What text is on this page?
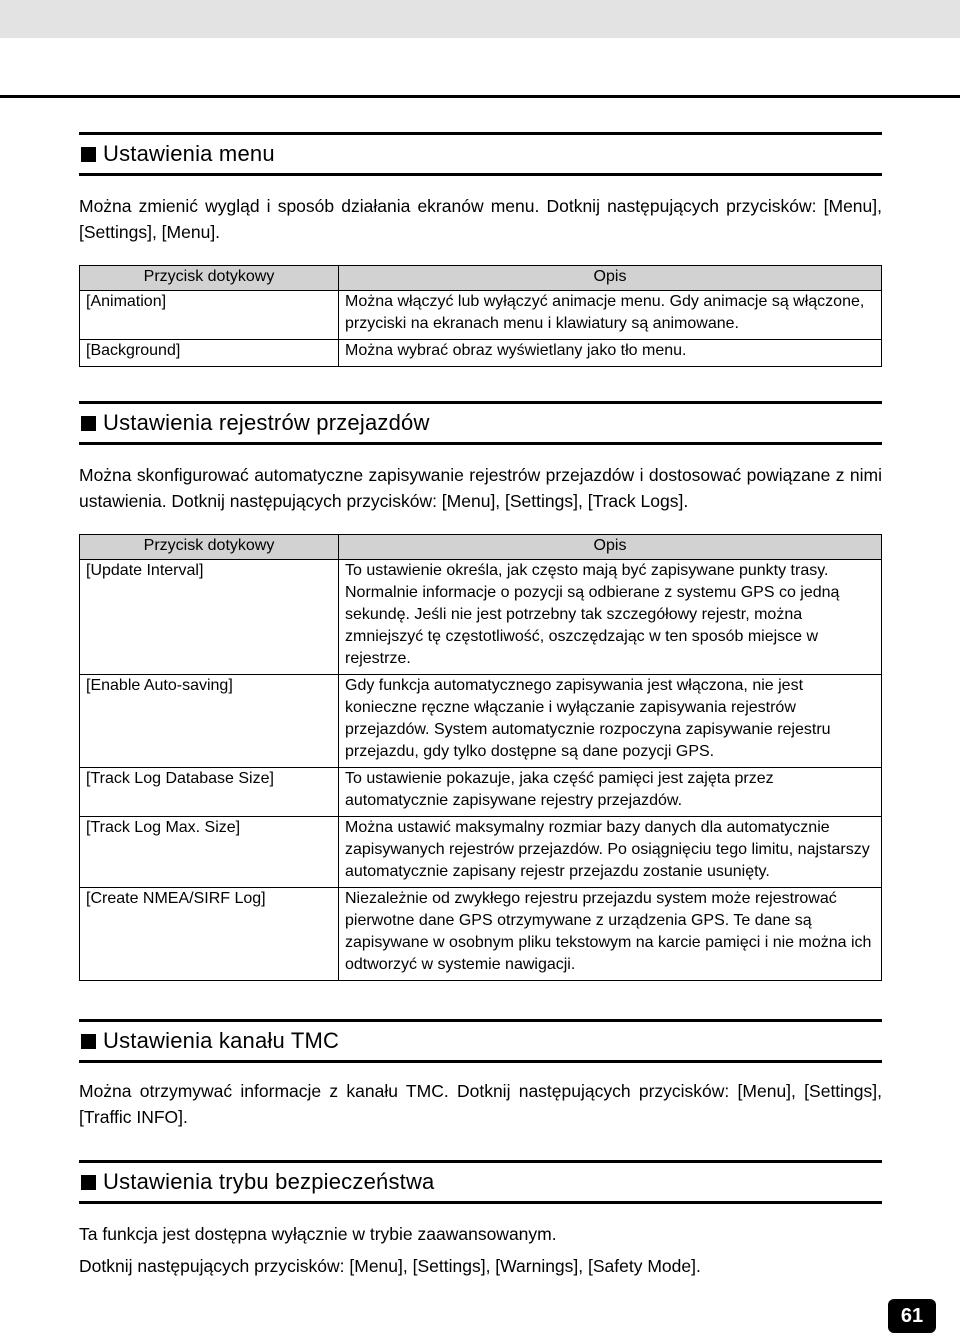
Ustawienia menu

Można zmienić wygląd i sposób działania ekranów menu. Dotknij następujących przycisków: [Menu], [Settings], [Menu].

Przycisk dotykowy	Opis
[Animation]	Można włączyć lub wyłączyć animacje menu. Gdy animacje są włączone, przyciski na ekranach menu i klawiatury są animowane.
[Background]	Można wybrać obraz wyświetlany jako tło menu.
Ustawienia rejestrów przejazdów

Można skonfigurować automatyczne zapisywanie rejestrów przejazdów i dostosować powiązane z nimi ustawienia. Dotknij następujących przycisków: [Menu], [Settings], [Track Logs].

Przycisk dotykowy	Opis
[Update Interval]	To ustawienie określa, jak często mają być zapisywane punkty trasy. Normalnie informacje o pozycji są odbierane z systemu GPS co jedną sekundę. Jeśli nie jest potrzebny tak szczegółowy rejestr, można zmniejszyć tę częstotliwość, oszczędzając w ten sposób miejsce w rejestrze.
[Enable Auto-saving]	Gdy funkcja automatycznego zapisywania jest włączona, nie jest konieczne ręczne włączanie i wyłączanie zapisywania rejestrów przejazdów. System automatycznie rozpoczyna zapisywanie rejestru przejazdu, gdy tylko dostępne są dane pozycji GPS.
[Track Log Database Size]	To ustawienie pokazuje, jaka część pamięci jest zajęta przez automatycznie zapisywane rejestry przejazdów.
[Track Log Max. Size]	Można ustawić maksymalny rozmiar bazy danych dla automatycznie zapisywanych rejestrów przejazdów. Po osiągnięciu tego limitu, najstarszy automatycznie zapisany rejestr przejazdu zostanie usunięty.
[Create NMEA/SIRF Log]	Niezależnie od zwykłego rejestru przejazdu system może rejestrować pierwotne dane GPS otrzymywane z urządzenia GPS. Te dane są zapisywane w osobnym pliku tekstowym na karcie pamięci i nie można ich odtworzyć w systemie nawigacji.
Ustawienia kanału TMC

Można otrzymywać informacje z kanału TMC. Dotknij następujących przycisków: [Menu], [Settings], [Traffic INFO].

Ustawienia trybu bezpieczeństwa

Ta funkcja jest dostępna wyłącznie w trybie zaawansowanym.

Dotknij następujących przycisków: [Menu], [Settings], [Warnings], [Safety Mode].

61
